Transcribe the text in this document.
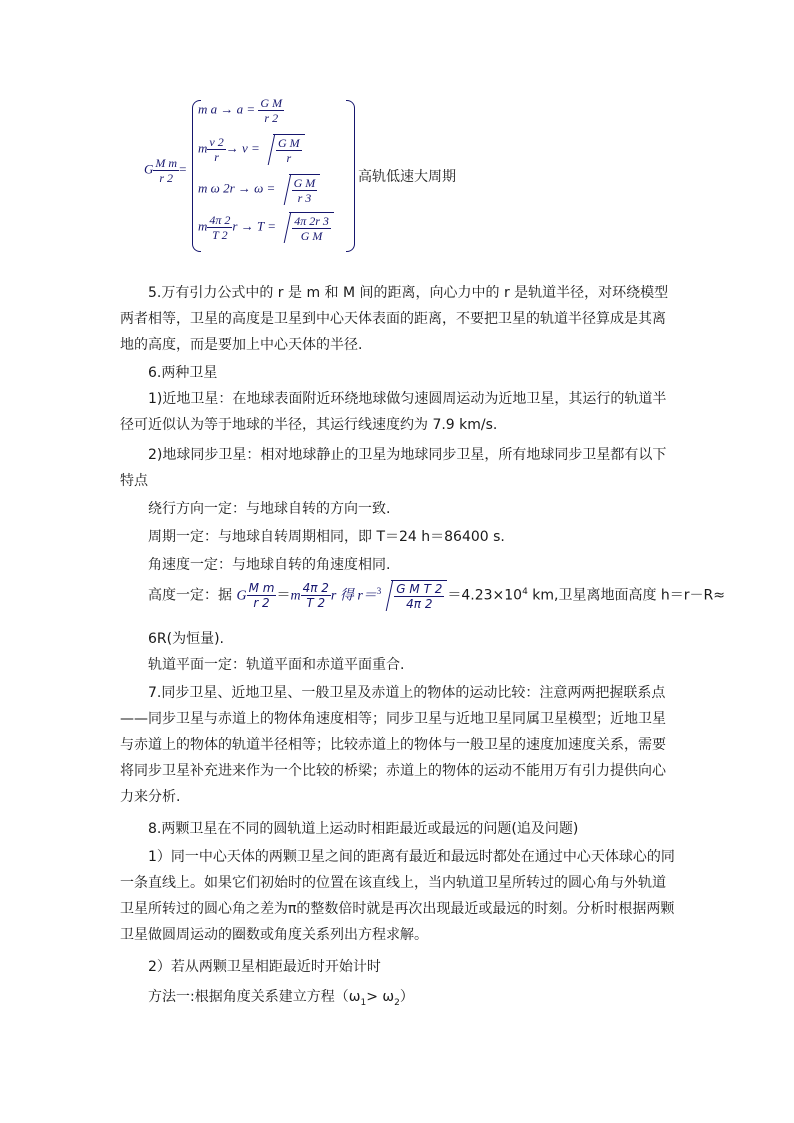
G $\frac{\text{M m}}{r 2}$ =
m $a \to a = \frac{\text{G M}}{r 2}$
m $\frac{v 2}{r} \to v = \frac{\text{G M}}{r}$
m ω $2r \to \omega = \frac{\text{G M}}{r 3}$
m $\frac{4\pi 2}{T 2}$ $r \to T = \frac{4\pi 2r 3}{\text{G M}}$
高轨低速大周期
5.万有引力公式中的 r 是 m 和 M 间的距离，向心力中的 r 是轨道半径，对环绕模型两者相等，卫星的高度是卫星到中心天体表面的距离，不要把卫星的轨道半径算成是其离地的高度，而是要加上中心天体的半径.
6.两种卫星
1)近地卫星：在地球表面附近环绕地球做匀速圆周运动为近地卫星，其运行的轨道半径可近似认为等于地球的半径，其运行线速度约为 7.9 km/s.
2)地球同步卫星：相对地球静止的卫星为地球同步卫星，所有地球同步卫星都有以下特点
绕行方向一定：与地球自转的方向一致.
周期一定：与地球自转周期相同，即 T＝24 h＝86400 s.
角速度一定：与地球自转的角速度相同.
高度一定：据 G $\frac{\text{M m}}{r 2} =m \frac{4\pi 2}{T 2}$ r 得 $r=^3 \frac{\text{G M T 2}}{4\pi 2} =4.23\times 10^4$ km,卫星离地面高度 h＝r－R≈
6R(为恒量).
轨道平面一定：轨道平面和赤道平面重合.
7.同步卫星、近地卫星、一般卫星及赤道上的物体的运动比较：注意两两把握联系点——同步卫星与赤道上的物体角速度相等；同步卫星与近地卫星同属卫星模型；近地卫星与赤道上的物体的轨道半径相等；比较赤道上的物体与一般卫星的速度加速度关系，需要将同步卫星补充进来作为一个比较的桥梁；赤道上的物体的运动不能用万有引力提供向心力来分析.
8.两颗卫星在不同的圆轨道上运动时相距最近或最远的问题(追及问题)
1）同一中心天体的两颗卫星之间的距离有最近和最远时都处在通过中心天体球心的同一条直线上。如果它们初始时的位置在该直线上，当内轨道卫星所转过的圆心角与外轨道卫星所转过的圆心角之差为π的整数倍时就是再次出现最近或最远的时刻。分析时根据两颗卫星做圆周运动的圈数或角度关系列出方程求解。
2）若从两颗卫星相距最近时开始计时
方法一:根据角度关系建立方程$(\omega_1> \omega_2)$
